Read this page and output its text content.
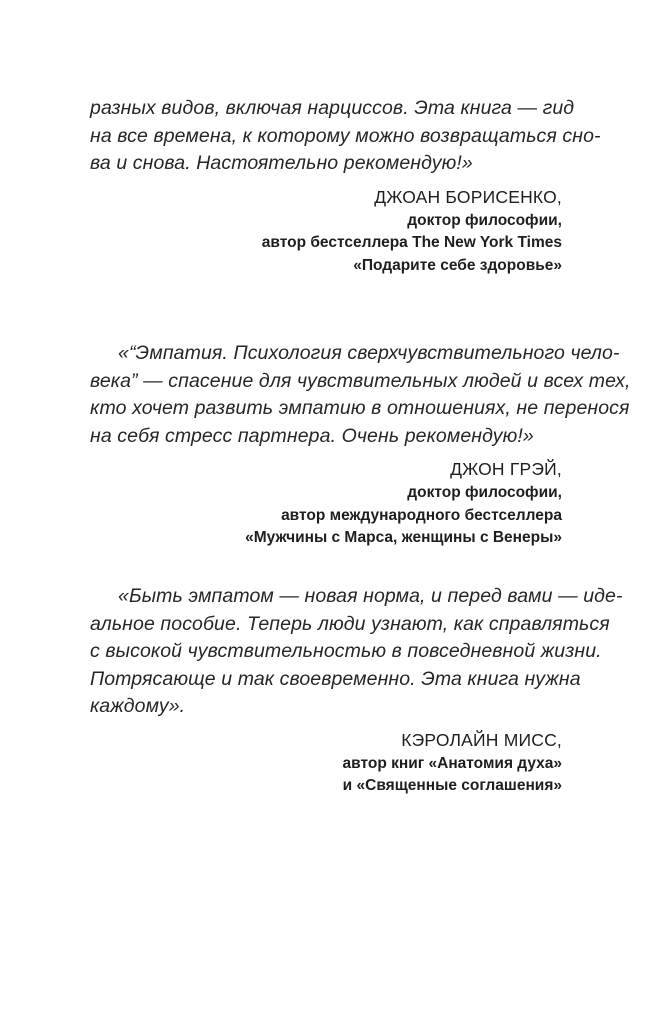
разных видов, включая нарциссов. Эта книга — гид
на все времена, к которому можно возвращаться сно-
ва и снова. Настоятельно рекомендую!»
ДЖОАН БОРИСЕНКО,
доктор философии,
автор бестселлера The New York Times
«Подарите себе здоровье»
«“Эмпатия. Психология сверхчувствительного чело-
века” — спасение для чувствительных людей и всех тех,
кто хочет развить эмпатию в отношениях, не перенося
на себя стресс партнера. Очень рекомендую!»
ДЖОН ГРЭЙ,
доктор философии,
автор международного бестселлера
«Мужчины с Марса, женщины с Венеры»
«Быть эмпатом — новая норма, и перед вами — иде-
альное пособие. Теперь люди узнают, как справляться
с высокой чувствительностью в повседневной жизни.
Потрясающе и так своевременно. Эта книга нужна
каждому».
КЭРОЛАЙН МИСС,
автор книг «Анатомия духа»
и «Священные соглашения»
